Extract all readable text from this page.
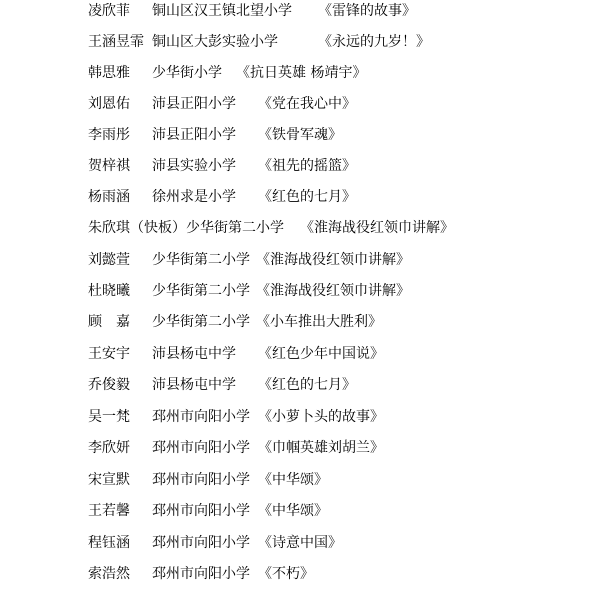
凌欣菲 铜山区汉王镇北望小学 《雷锋的故事》
王涵昱霏 铜山区大彭实验小学	《永远的九岁！》
韩思雅 少华街小学 《抗日英雄 杨靖宇》
刘恩佑 沛县正阳小学 《党在我心中》
李雨彤 沛县正阳小学 《铁骨军魂》
贺梓祺 沛县实验小学 《祖先的摇篮》
杨雨涵 徐州求是小学 《红色的七月》
朱欣琪（快板） 少华街第二小学 《淮海战役红领巾讲解》
刘懿萱 少华街第二小学 《淮海战役红领巾讲解》
杜晓曦 少华街第二小学 《淮海战役红领巾讲解》
顾　嘉 少华街第二小学 《小车推出大胜利》
王安宇 沛县杨屯中学 《红色少年中国说》
乔俊毅 沛县杨屯中学 《红色的七月》
吴一梵 邳州市向阳小学 《小萝卜头的故事》
李欣妍 邳州市向阳小学 《巾帼英雄刘胡兰》
宋宣默 邳州市向阳小学 《中华颂》
王若馨 邳州市向阳小学 《中华颂》
程钰涵 邳州市向阳小学 《诗意中国》
索浩然 邳州市向阳小学 《不朽》
